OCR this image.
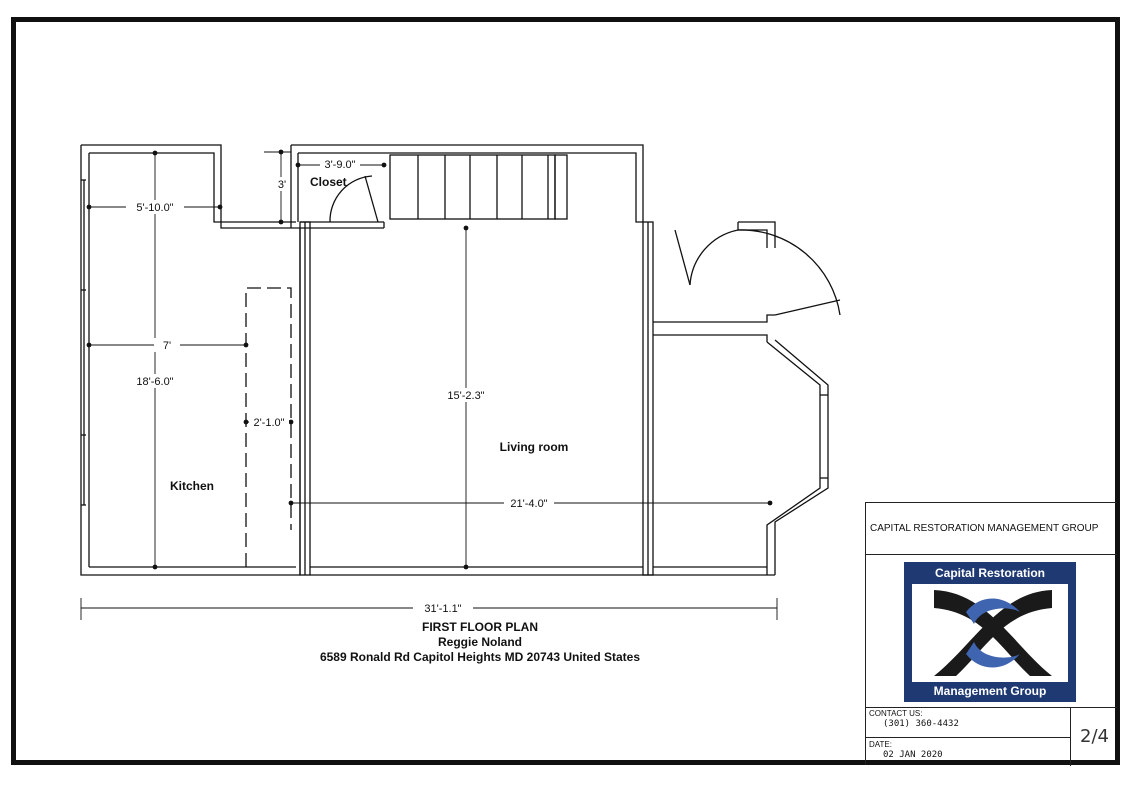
5'-10.0"
7'
18'-6.0"
2'-1.0"
15'-2.3"
21'-4.0"
3'-9.0"
3'
31'-1.1"
Closet
Kitchen
Living room
FIRST FLOOR PLAN
Reggie Noland
6589 Ronald Rd Capitol Heights MD 20743 United States
CAPITAL RESTORATION MANAGEMENT GROUP
Capital Restoration
Management Group
CONTACT US:
(301) 360-4432
DATE:
02 JAN 2020
2/4
